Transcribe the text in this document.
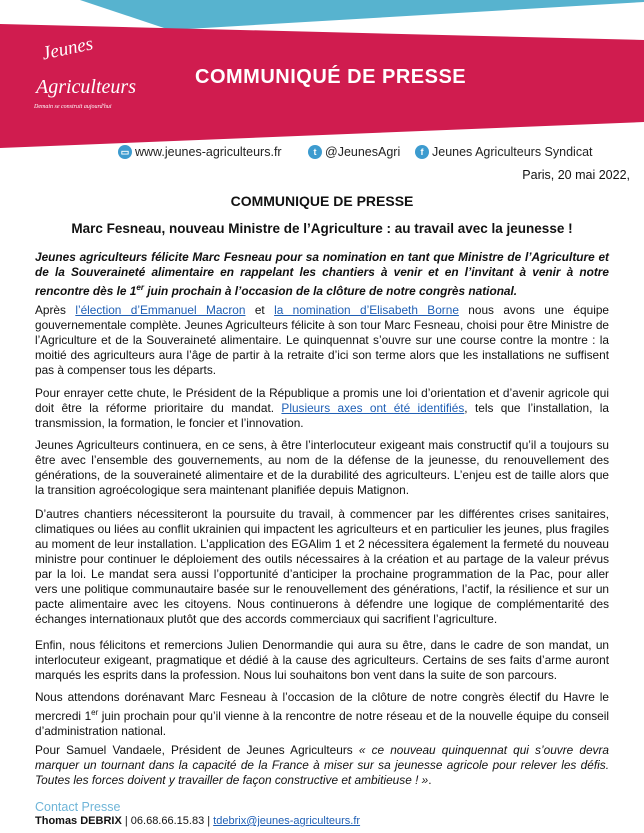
Jeunes
Agriculteurs
Demain se construit aujourd'hui
COMMUNIQUÉ DE PRESSE
▭ www.jeunes-agriculteurs.fr	t @JeunesAgri	f Jeunes Agriculteurs Syndicat
Paris, 20 mai 2022,
COMMUNIQUE DE PRESSE
Marc Fesneau, nouveau Ministre de l’Agriculture : au travail avec la jeunesse !

Jeunes agriculteurs félicite Marc Fesneau pour sa nomination en tant que Ministre de l’Agriculture et de la Souveraineté alimentaire en rappelant les chantiers à venir et en l’invitant à venir à notre rencontre dès le 1er juin prochain à l’occasion de la clôture de notre congrès national.

Après l’élection d’Emmanuel Macron et la nomination d’Elisabeth Borne nous avons une équipe gouvernementale complète. Jeunes Agriculteurs félicite à son tour Marc Fesneau, choisi pour être Ministre de l’Agriculture et de la Souveraineté alimentaire. Le quinquennat s’ouvre sur une course contre la montre : la moitié des agriculteurs aura l’âge de partir à la retraite d’ici son terme alors que les installations ne suffisent pas à compenser tous les départs.

Pour enrayer cette chute, le Président de la République a promis une loi d’orientation et d’avenir agricole qui doit être la réforme prioritaire du mandat. Plusieurs axes ont été identifiés, tels que l’installation, la transmission, la formation, le foncier et l’innovation.

Jeunes Agriculteurs continuera, en ce sens, à être l’interlocuteur exigeant mais constructif qu’il a toujours su être avec l’ensemble des gouvernements, au nom de la défense de la jeunesse, du renouvellement des générations, de la souveraineté alimentaire et de la durabilité des agriculteurs. L’enjeu est de taille alors que la transition agroécologique sera maintenant planifiée depuis Matignon.

D’autres chantiers nécessiteront la poursuite du travail, à commencer par les différentes crises sanitaires, climatiques ou liées au conflit ukrainien qui impactent les agriculteurs et en particulier les jeunes, plus fragiles au moment de leur installation. L’application des EGAlim 1 et 2 nécessitera également la fermeté du nouveau ministre pour continuer le déploiement des outils nécessaires à la création et au partage de la valeur prévus par la loi. Le mandat sera aussi l’opportunité d’anticiper la prochaine programmation de la Pac, pour aller vers une politique communautaire basée sur le renouvellement des générations, l’actif, la résilience et sur un pacte alimentaire avec les citoyens. Nous continuerons à défendre une logique de complémentarité des échanges internationaux plutôt que des accords commerciaux qui sacrifient l’agriculture.

Enfin, nous félicitons et remercions Julien Denormandie qui aura su être, dans le cadre de son mandat, un interlocuteur exigeant, pragmatique et dédié à la cause des agriculteurs. Certains de ses faits d’arme auront marqués les esprits dans la profession. Nous lui souhaitons bon vent dans la suite de son parcours.

Nous attendons dorénavant Marc Fesneau à l’occasion de la clôture de notre congrès électif du Havre le mercredi 1er juin prochain pour qu’il vienne à la rencontre de notre réseau et de la nouvelle équipe du conseil d’administration national.

Pour Samuel Vandaele, Président de Jeunes Agriculteurs « ce nouveau quinquennat qui s’ouvre devra marquer un tournant dans la capacité de la France à miser sur sa jeunesse agricole pour relever les défis. Toutes les forces doivent y travailler de façon constructive et ambitieuse ! ».

Contact Presse
Thomas DEBRIX | 06.68.66.15.83 | tdebrix@jeunes-agriculteurs.fr
